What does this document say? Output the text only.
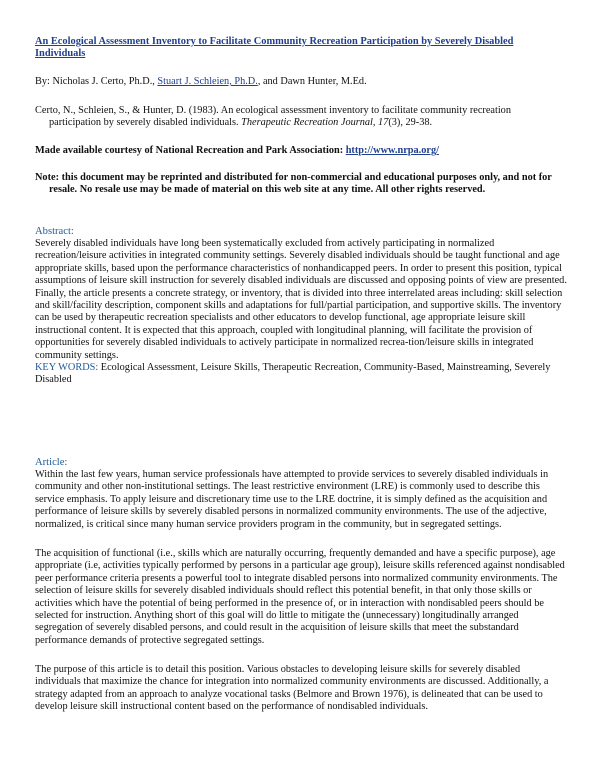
An Ecological Assessment Inventory to Facilitate Community Recreation Participation by Severely Disabled Individuals
By: Nicholas J. Certo, Ph.D., Stuart J. Schleien, Ph.D., and Dawn Hunter, M.Ed.
Certo, N., Schleien, S., & Hunter, D. (1983). An ecological assessment inventory to facilitate community recreation participation by severely disabled individuals. Therapeutic Recreation Journal, 17(3), 29-38.
Made available courtesy of National Recreation and Park Association: http://www.nrpa.org/
Note: this document may be reprinted and distributed for non-commercial and educational purposes only, and not for resale. No resale use may be made of material on this web site at any time. All other rights reserved.
Abstract:

Severely disabled individuals have long been systematically excluded from actively participating in normalized recreation/leisure activities in integrated community settings. Severely disabled individuals should be taught functional and age appropriate skills, based upon the performance characteristics of nonhandicapped peers. In order to present this position, typical assumptions of leisure skill instruction for severely disabled individuals are discussed and opposing points of view are presented. Finally, the article presents a concrete strategy, or inventory, that is divided into three interrelated areas including: skill selection and skill/facility description, component skills and adaptations for full/partial participation, and supportive skills. The inventory can be used by therapeutic recreation specialists and other educators to develop functional, age appropriate leisure skill instructional content. It is expected that this approach, coupled with longitudinal planning, will facilitate the provision of opportunities for severely disabled individuals to actively participate in normalized recrea-tion/leisure skills in integrated community settings.

KEY WORDS: Ecological Assessment, Leisure Skills, Therapeutic Recreation, Community-Based, Mainstreaming, Severely Disabled

Article:

Within the last few years, human service professionals have attempted to provide services to severely disabled individuals in community and other non-institutional settings. The least restrictive environment (LRE) is commonly used to describe this service emphasis. To apply leisure and discretionary time use to the LRE doctrine, it is simply defined as the acquisition and performance of leisure skills by severely disabled persons in normalized community environments. The use of the adjective, normalized, is critical since many human service providers program in the community, but in segregated settings.

The acquisition of functional (i.e., skills which are naturally occurring, frequently demanded and have a specific purpose), age appropriate (i.e, activities typically performed by persons in a particular age group), leisure skills referenced against nondisabled peer performance criteria presents a powerful tool to integrate disabled persons into normalized community environments. The selection of leisure skills for severely disabled individuals should reflect this potential benefit, in that only those skills or activities which have the potential of being performed in the presence of, or in interaction with nondisabled peers should be selected for instruction. Anything short of this goal will do little to mitigate the (unnecessary) longitudinally arranged segregation of severely disabled persons, and could result in the acquisition of leisure skills that meet the substandard performance demands of protective segregated settings.

The purpose of this article is to detail this position. Various obstacles to developing leisure skills for severely disabled individuals that maximize the chance for integration into normalized community environments are discussed. Additionally, a strategy adapted from an approach to analyze vocational tasks (Belmore and Brown 1976), is delineated that can be used to develop leisure skill instructional content based on the performance of nondisabled individuals.
